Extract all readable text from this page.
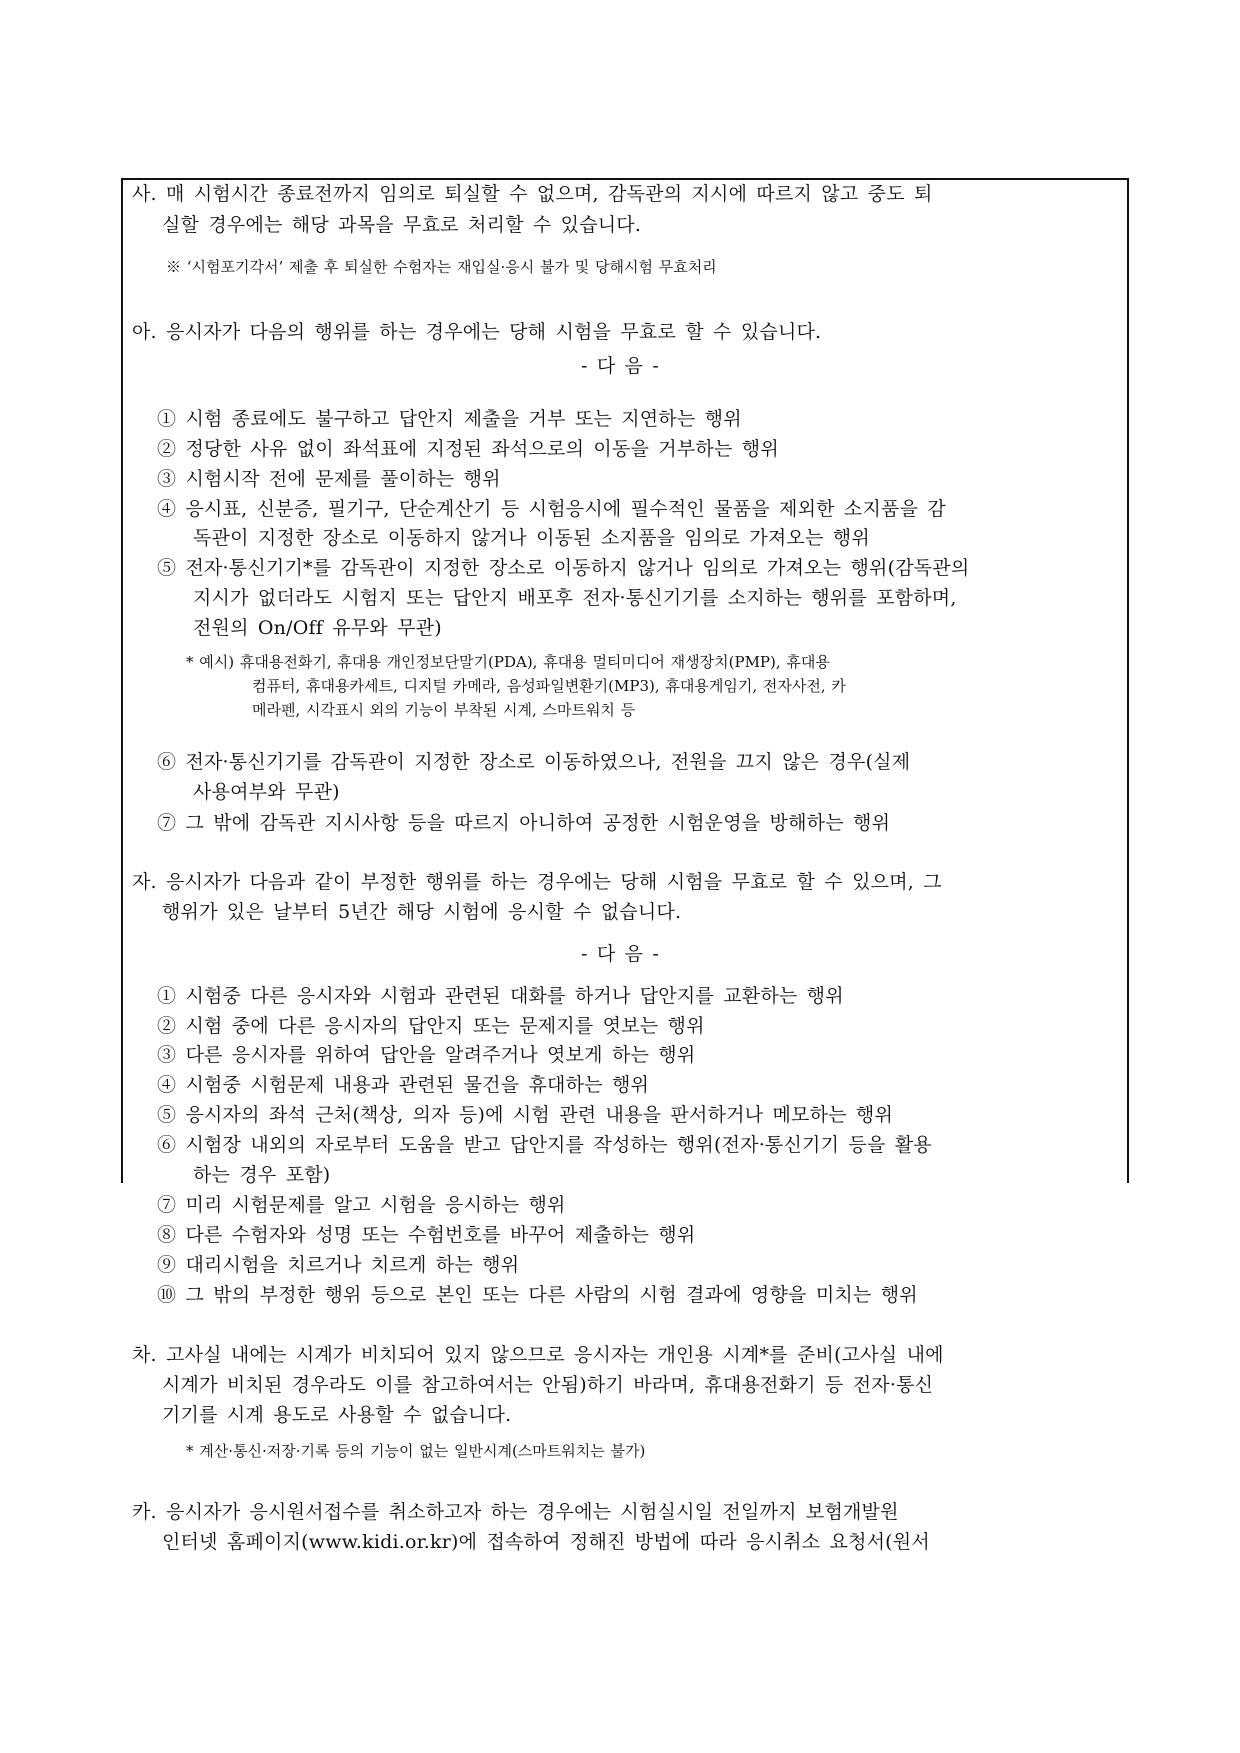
사. 매 시험시간 종료전까지 임의로 퇴실할 수 없으며, 감독관의 지시에 따르지 않고 중도 퇴
실할 경우에는 해당 과목을 무효로 처리할 수 있습니다.
※ ‘시험포기각서’ 제출 후 퇴실한 수험자는 재입실·응시 불가 및 당해시험 무효처리
아. 응시자가 다음의 행위를 하는 경우에는 당해 시험을 무효로 할 수 있습니다.
- 다 음 -
① 시험 종료에도 불구하고 답안지 제출을 거부 또는 지연하는 행위
② 정당한 사유 없이 좌석표에 지정된 좌석으로의 이동을 거부하는 행위
③ 시험시작 전에 문제를 풀이하는 행위
④ 응시표, 신분증, 필기구, 단순계산기 등 시험응시에 필수적인 물품을 제외한 소지품을 감
독관이 지정한 장소로 이동하지 않거나 이동된 소지품을 임의로 가져오는 행위
⑤ 전자·통신기기*를 감독관이 지정한 장소로 이동하지 않거나 임의로 가져오는 행위(감독관의
지시가 없더라도 시험지 또는 답안지 배포후 전자·통신기기를 소지하는 행위를 포함하며,
전원의 On/Off 유무와 무관)
* 예시) 휴대용전화기, 휴대용 개인정보단말기(PDA), 휴대용 멀티미디어 재생장치(PMP), 휴대용
컴퓨터, 휴대용카세트, 디지털 카메라, 음성파일변환기(MP3), 휴대용게임기, 전자사전, 카
메라펜, 시각표시 외의 기능이 부착된 시계, 스마트워치 등
⑥ 전자·통신기기를 감독관이 지정한 장소로 이동하였으나, 전원을 끄지 않은 경우(실제
사용여부와 무관)
⑦ 그 밖에 감독관 지시사항 등을 따르지 아니하여 공정한 시험운영을 방해하는 행위
자. 응시자가 다음과 같이 부정한 행위를 하는 경우에는 당해 시험을 무효로 할 수 있으며, 그
행위가 있은 날부터 5년간 해당 시험에 응시할 수 없습니다.
- 다 음 -
① 시험중 다른 응시자와 시험과 관련된 대화를 하거나 답안지를 교환하는 행위
② 시험 중에 다른 응시자의 답안지 또는 문제지를 엿보는 행위
③ 다른 응시자를 위하여 답안을 알려주거나 엿보게 하는 행위
④ 시험중 시험문제 내용과 관련된 물건을 휴대하는 행위
⑤ 응시자의 좌석 근처(책상, 의자 등)에 시험 관련 내용을 판서하거나 메모하는 행위
⑥ 시험장 내외의 자로부터 도움을 받고 답안지를 작성하는 행위(전자·통신기기 등을 활용
하는 경우 포함)
⑦ 미리 시험문제를 알고 시험을 응시하는 행위
⑧ 다른 수험자와 성명 또는 수험번호를 바꾸어 제출하는 행위
⑨ 대리시험을 치르거나 치르게 하는 행위
⑩ 그 밖의 부정한 행위 등으로 본인 또는 다른 사람의 시험 결과에 영향을 미치는 행위
차. 고사실 내에는 시계가 비치되어 있지 않으므로 응시자는 개인용 시계*를 준비(고사실 내에
시계가 비치된 경우라도 이를 참고하여서는 안됨)하기 바라며, 휴대용전화기 등 전자·통신
기기를 시계 용도로 사용할 수 없습니다.
* 계산·통신·저장·기록 등의 기능이 없는 일반시계(스마트워치는 불가)
카. 응시자가 응시원서접수를 취소하고자 하는 경우에는 시험실시일 전일까지 보험개발원
인터넷 홈페이지(www.kidi.or.kr)에 접속하여 정해진 방법에 따라 응시취소 요청서(원서
